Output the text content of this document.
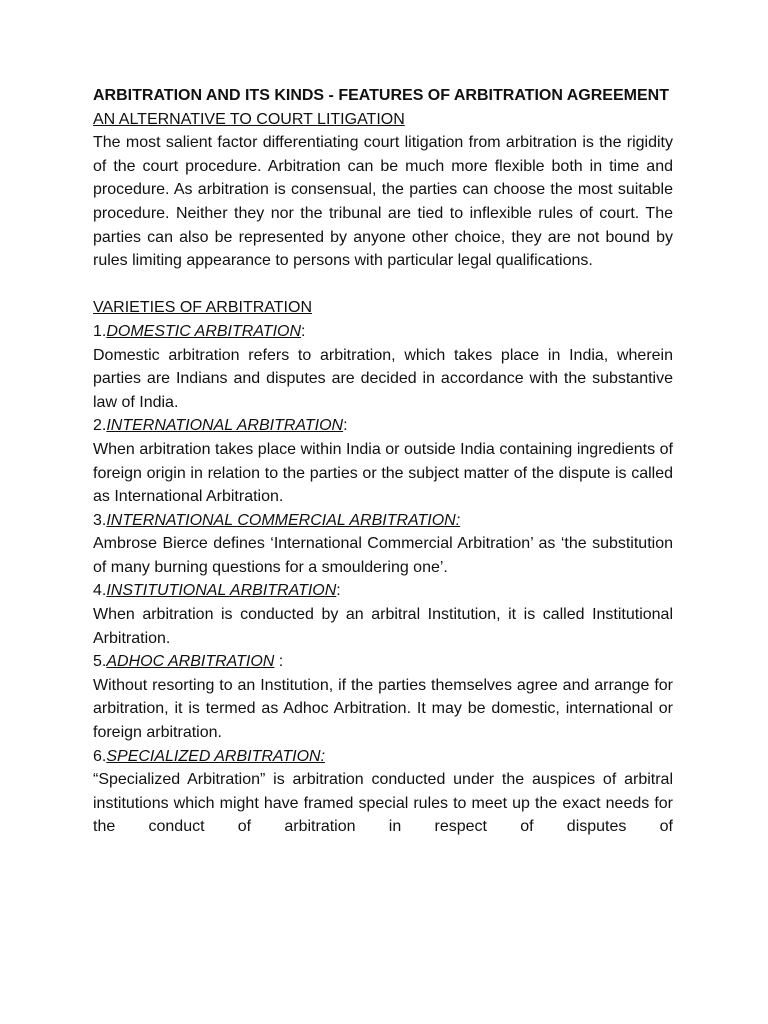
ARBITRATION AND ITS KINDS - FEATURES OF ARBITRATION AGREEMENT
AN ALTERNATIVE TO COURT LITIGATION
The most salient factor differentiating court litigation from arbitration is the rigidity of the court procedure. Arbitration can be much more flexible both in time and procedure. As arbitration is consensual, the parties can choose the most suitable procedure. Neither they nor the tribunal are tied to inflexible rules of court. The parties can also be represented by anyone other choice, they are not bound by rules limiting appearance to persons with particular legal qualifications.
VARIETIES OF ARBITRATION
1.DOMESTIC ARBITRATION:
Domestic arbitration refers to arbitration, which takes place in India, wherein parties are Indians and disputes are decided in accordance with the substantive law of India.
2.INTERNATIONAL ARBITRATION:
When arbitration takes place within India or outside India containing ingredients of foreign origin in relation to the parties or the subject matter of the dispute is called as International Arbitration.
3.INTERNATIONAL COMMERCIAL ARBITRATION:
Ambrose Bierce defines ‘International Commercial Arbitration’ as ‘the substitution of many burning questions for a smouldering one’.
4.INSTITUTIONAL ARBITRATION:
When arbitration is conducted by an arbitral Institution, it is called Institutional Arbitration.
5.ADHOC ARBITRATION :
Without resorting to an Institution, if the parties themselves agree and arrange for arbitration, it is termed as Adhoc Arbitration. It may be domestic, international or foreign arbitration.
6.SPECIALIZED ARBITRATION:
“Specialized Arbitration” is arbitration conducted under the auspices of arbitral institutions which might have framed special rules to meet up the exact needs for the conduct of arbitration in respect of disputes of
